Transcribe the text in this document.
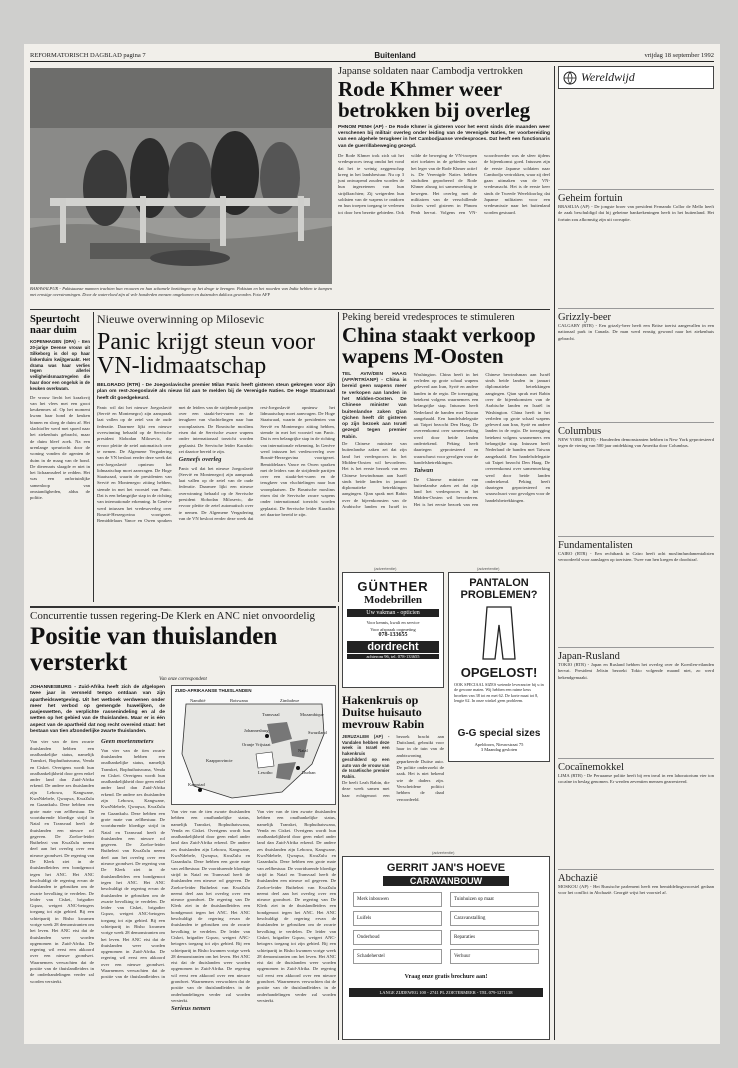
REFORMATORISCH DAGBLAD pagina 7	Buitenland	vrijdag 18 september 1992
BAHAWALPUR - Pakistaanse mannen trachten hun vrouwen en hun schamele bezittingen op het droge te brengen. Pakistan en het noorden van India hebben te kampen met ernstige overstromingen. Door de watervloed zijn al vele honderden mensen omgekomen en duizenden dakloos geworden. Foto AFP
Japanse soldaten naar Cambodja vertrokken
Rode Khmer weer betrokken bij overleg
PHNOM PENH (AP) - De Rode Khmer is gisteren voor het eerst sinds drie maanden weer verschenen bij militair overleg onder leiding van de Verenigde Naties, ter voorbereiding van een algehele terugkeer in het Cambodjaanse vredesproces. Dat heeft een functionaris van de guerrillabeweging gezegd.
De Rode Khmer trok zich uit het vredesproces terug omdat het vond dat het te weinig zeggenschap kreeg in het landsbestuur. Nu op 3 juni ontwapend zouden worden de hun ingezetenen van hun strijdkrachten; Zij weigerden hun soldaten van de wapens te ontdoen en hun troepen toegang te verlenen tot door hen bezette gebieden. Ook wilde de beweging de VN-troepen niet toelaten in de gebieden waar het leger van de Rode Khmer actief is. De Verenigde Naties hebben sindsdien geprobeerd de Rode Khmer alsnog tot samenwerking te bewegen. Het overleg met de militairen van de verschillende facties werd gisteren in Phnom Penh hervat. Volgens een VN-woordvoerder was de sfeer tijdens de bijeenkomst goed. Intussen zijn de eerste Japanse soldaten naar Cambodja vertrokken, waar zij deel gaan uitmaken van de VN-vredesmacht. Het is de eerste keer sinds de Tweede Wereldoorlog dat Japanse militairen voor een vredesmissie naar het buitenland worden gestuurd.
Speurtocht naar duim
KOPENHAGEN (DPA) - Een 20-jarige Deense vrouw uit Silkeborg is dol op haar linkerduim kwijtgeraakt. Het drama was haar verlies tegen allerlei veiligheidsmaatregelen die haar door een ongeluk in de keuken overkwam.
De vrouw liecht het kraakvrij van het vlees met een groot keukenmes af. Op het moment kwam haar hond de keuken binnen en sloeg de duim af. Het slachtoffer werd met spoed naar het ziekenhuis gebracht, maar de duim bleef zoek. Na een urenlange speurtocht door de woning vonden de agenten de duim in de maag van de hond. De dierenarts slaagde er niet in het lichaamsdeel te redden. Het was een onfortuinlijke samenloop van omstandigheden, aldus de politie.
Nieuwe overwinning op Milosevic
Panic krijgt steun voor VN-lidmaatschap
BELGRADO (RTR) - De Joegoslavische premier Milan Panic heeft gisteren steun gekregen voor zijn plan om rest-Joegoslavië als nieuw lid aan te melden bij de Verenigde Naties. De Hoge Staatsraad heeft dit goedgekeurd.
Panic wil dat het nieuwe Joegoslavië (Servië en Montenegro) zijn aanspraak laat vallen op de zetel van de oude federatie. Daarmee lijkt een nieuwe overwinning behaald op de Servische president Slobodan Milosevic, die ervoor pleitte de zetel automatisch over te nemen. De Algemene Vergadering van de VN besloot eerder deze week dat rest-Joegoslavië opnieuw het lidmaatschap moet aanvragen. De Hoge Staatsraad, waarin de presidenten van Servië en Montenegro zitting hebben, stemde in met het voorstel van Panic. Dat is een belangrijke stap in de richting van internationale erkenning. In Genève werd intussen het vredesoverleg over Bosnië-Herzegovina voortgezet. Bemiddelaars Vance en Owen spraken met de leiders van de strijdende partijen over een staakt-het-vuren en de terugkeer van vluchtelingen naar hun woonplaatsen. De Bosnische moslims eisen dat de Servische zware wapens onder internationaal toezicht worden geplaatst. De Servische leider Karadzic zei daartoe bereid te zijn.
Geneefs overleg
Panic wil dat het nieuwe Joegoslavië (Servië en Montenegro) zijn aanspraak laat vallen op de zetel van de oude federatie. Daarmee lijkt een nieuwe overwinning behaald op de Servische president Slobodan Milosevic, die ervoor pleitte de zetel automatisch over te nemen. De Algemene Vergadering van de VN besloot eerder deze week dat rest-Joegoslavië opnieuw het lidmaatschap moet aanvragen. De Hoge Staatsraad, waarin de presidenten van Servië en Montenegro zitting hebben, stemde in met het voorstel van Panic. Dat is een belangrijke stap in de richting van internationale erkenning. In Genève werd intussen het vredesoverleg over Bosnië-Herzegovina voortgezet. Bemiddelaars Vance en Owen spraken met de leiders van de strijdende partijen over een staakt-het-vuren en de terugkeer van vluchtelingen naar hun woonplaatsen. De Bosnische moslims eisen dat de Servische zware wapens onder internationaal toezicht worden geplaatst. De Servische leider Karadzic zei daartoe bereid te zijn.
Peking bereid vredesproces te stimuleren
China staakt verkoop wapens M-Oosten
TEL AVIV/DEN HAAG (AFP/RTR/ANP) - China is bereid geen wapens meer te verkopen aan landen in het Midden-Oosten. De Chinese minister van buitenlandse zaken Qian Qichen heeft dit gisteren op zijn bezoek aan Israël gezegd tegen premier Rabin.
De Chinese minister van buitenlandse zaken zei dat zijn land het vredesproces in het Midden-Oosten wil bevorderen. Het is het eerste bezoek van een Chinese bewindsman aan Israël sinds beide landen in januari diplomatieke betrekkingen aangingen. Qian sprak met Rabin over de bijeenkomsten van de Arabische landen en Israël in Washington. China heeft in het verleden op grote schaal wapens geleverd aan Iran, Syrië en andere landen in de regio. De toezegging betekent volgens waarnemers een belangrijke stap. Intussen heeft Nederland de banden met Taiwan aangehaald. Een handelsdelegatie uit Taipei bezocht Den Haag. De overeenkomst over samenwerking werd door beide landen ondertekend. Peking heeft daartegen geprotesteerd en waarschuwt voor gevolgen voor de handelsbetrekkingen.
Taiwan
De Chinese minister van buitenlandse zaken zei dat zijn land het vredesproces in het Midden-Oosten wil bevorderen. Het is het eerste bezoek van een Chinese bewindsman aan Israël sinds beide landen in januari diplomatieke betrekkingen aangingen. Qian sprak met Rabin over de bijeenkomsten van de Arabische landen en Israël in Washington. China heeft in het verleden op grote schaal wapens geleverd aan Iran, Syrië en andere landen in de regio. De toezegging betekent volgens waarnemers een belangrijke stap. Intussen heeft Nederland de banden met Taiwan aangehaald. Een handelsdelegatie uit Taipei bezocht Den Haag. De overeenkomst over samenwerking werd door beide landen ondertekend. Peking heeft daartegen geprotesteerd en waarschuwt voor gevolgen voor de handelsbetrekkingen.
(advertentie)
GÜNTHER
Modebrillen
Uw vakman - opticien
Voor kennis, kwali en service
Voor afspraak oogmeting
078-133655
dordrecht
achterom 96, tel. 078-133655
(advertentie)
PANTALON PROBLEMEN?
OPGELOST!
OOK SPECIAAL SIZES wetende leverancier bij u in de gewone maten. Wij hebben een ruime keus broeken van 38 tot en met 62. De korte maat tot 8, lengte 62. In onze winkel geen probleem.
G-G special sizes
Apeldoorn, Nieuwstraat 75
3 Maandag gesloten
Concurrentie tussen regering-De Klerk en ANC niet onvoordelig
Positie van thuislanden versterkt
Van onze correspondent
JOHANNESBURG - Zuid-Afrika heeft zich de afgelopen twee jaar in versneld tempo ontdaan van zijn apartheidswetgeving. Uit het wetboek verdwenen onder meer het verbod op gemengde huwelijken, de pasjeswetten, de verplichte rassenindeling en al de wetten op het gebied van de thuislanden. Maar er is één aspect van de apartheid dat nog recht overeind staat: het bestaan van tien afzonderlijke zwarte thuislanden.
Van vier van de tien zwarte thuislanden hebben een onafhankelijke status, namelijk Transkei, Bophuthatswana, Venda en Ciskei. Overigens wordt hun onafhankelijkheid door geen enkel ander land dan Zuid-Afrika erkend. De andere zes thuislanden zijn Lebowa, Kangwane, KwaNdebele, Qwaqwa, KwaZulu en Gazankulu. Deze hebben een grote mate van zelfbestuur. De voortdurende bloedige strijd in Natal en Transvaal heeft de thuislanden een nieuwe rol gegeven. De Zoeloe-leider Buthelezi van KwaZulu neemt deel aan het overleg over een nieuwe grondwet. De regering van De Klerk ziet in de thuislandleiders een bondgenoot tegen het ANC. Het ANC beschuldigt de regering ervan de thuislanden te gebruiken om de zwarte bevolking te verdelen. De leider van Ciskei, brigadier Gqozo, weigert ANC-betogers toegang tot zijn gebied. Bij een schietpartij in Bisho kwamen vorige week 28 demonstranten om het leven. Het ANC eist dat de thuislanden weer worden opgenomen in Zuid-Afrika. De regering wil eerst een akkoord over een nieuwe grondwet. Waarnemers verwachten dat de positie van de thuislandleiders in de onderhandelingen verder zal worden versterkt.
Geen mortenmeters
Van vier van de tien zwarte thuislanden hebben een onafhankelijke status, namelijk Transkei, Bophuthatswana, Venda en Ciskei. Overigens wordt hun onafhankelijkheid door geen enkel ander land dan Zuid-Afrika erkend. De andere zes thuislanden zijn Lebowa, Kangwane, KwaNdebele, Qwaqwa, KwaZulu en Gazankulu. Deze hebben een grote mate van zelfbestuur. De voortdurende bloedige strijd in Natal en Transvaal heeft de thuislanden een nieuwe rol gegeven. De Zoeloe-leider Buthelezi van KwaZulu neemt deel aan het overleg over een nieuwe grondwet. De regering van De Klerk ziet in de thuislandleiders een bondgenoot tegen het ANC. Het ANC beschuldigt de regering ervan de thuislanden te gebruiken om de zwarte bevolking te verdelen. De leider van Ciskei, brigadier Gqozo, weigert ANC-betogers toegang tot zijn gebied. Bij een schietpartij in Bisho kwamen vorige week 28 demonstranten om het leven. Het ANC eist dat de thuislanden weer worden opgenomen in Zuid-Afrika. De regering wil eerst een akkoord over een nieuwe grondwet. Waarnemers verwachten dat de positie van de thuislandleiders in
ZUID-AFRIKAANSE THUISLANDEN
Namibië	Botswana	Zimbabwe
Mozambique
Transvaal
Natal
Kaapprovincie
Oranje Vrijstaat
Swaziland
Lesotho
Johannesburg
Kaapstad
Durban
Van vier van de tien zwarte thuislanden hebben een onafhankelijke status, namelijk Transkei, Bophuthatswana, Venda en Ciskei. Overigens wordt hun onafhankelijkheid door geen enkel ander land dan Zuid-Afrika erkend. De andere zes thuislanden zijn Lebowa, Kangwane, KwaNdebele, Qwaqwa, KwaZulu en Gazankulu. Deze hebben een grote mate van zelfbestuur. De voortdurende bloedige strijd in Natal en Transvaal heeft de thuislanden een nieuwe rol gegeven. De Zoeloe-leider Buthelezi van KwaZulu neemt deel aan het overleg over een nieuwe grondwet. De regering van De Klerk ziet in de thuislandleiders een bondgenoot tegen het ANC. Het ANC beschuldigt de regering ervan de thuislanden te gebruiken om de zwarte bevolking te verdelen. De leider van Ciskei, brigadier Gqozo, weigert ANC-betogers toegang tot zijn gebied. Bij een schietpartij in Bisho kwamen vorige week 28 demonstranten om het leven. Het ANC eist dat de thuislanden weer worden opgenomen in Zuid-Afrika. De regering wil eerst een akkoord over een nieuwe grondwet. Waarnemers verwachten dat de positie van de thuislandleiders in de onderhandelingen verder zal worden versterkt.
Serieus nemen
Van vier van de tien zwarte thuislanden hebben een onafhankelijke status, namelijk Transkei, Bophuthatswana, Venda en Ciskei. Overigens wordt hun onafhankelijkheid door geen enkel ander land dan Zuid-Afrika erkend. De andere zes thuislanden zijn Lebowa, Kangwane, KwaNdebele, Qwaqwa, KwaZulu en Gazankulu. Deze hebben een grote mate van zelfbestuur. De voortdurende bloedige strijd in Natal en Transvaal heeft de thuislanden een nieuwe rol gegeven. De Zoeloe-leider Buthelezi van KwaZulu neemt deel aan het overleg over een nieuwe grondwet. De regering van De Klerk ziet in de thuislandleiders een bondgenoot tegen het ANC. Het ANC beschuldigt de regering ervan de thuislanden te gebruiken om de zwarte bevolking te verdelen. De leider van Ciskei, brigadier Gqozo, weigert ANC-betogers toegang tot zijn gebied. Bij een schietpartij in Bisho kwamen vorige week 28 demonstranten om het leven. Het ANC eist dat de thuislanden weer worden opgenomen in Zuid-Afrika. De regering wil eerst een akkoord over een nieuwe grondwet. Waarnemers verwachten dat de positie van de thuislandleiders in de onderhandelingen verder zal worden versterkt.
Hakenkruis op Duitse huisauto mevrouw Rabin
JERUZALEM (AP) - Vandalen hebben deze week in Israël een hakenkruis geschilderd op een auto van de vrouw van de Israëlische premier Rabin.
De beelt Leah Rabin, die deze week samen met haar echtgenoot een bezoek bracht aan Duitsland, gebruikt voor haar in de tuin van de ambtswoning geparkeerde Duitse auto. De politie onderzoekt de zaak. Het is niet bekend wie de daders zijn. Verscheidene politici hebben de daad veroordeeld.
(advertentie)
GERRIT JAN'S HOEVE
CARAVANBOUW
Merk inbouwen	Tuinhuizen op maat
Luifels	Caravanstalling
Onderhoud	Reparaties
Schadeherstel	Verhuur
Vraag onze gratis brochure aan!
LANGE ZIJDEWEG 100 - 2741 PL ZOETERMEER - TEL 079-1271138
Wereldwijd
Geheim fortuin
BRASILIA (AP) - De jongste broer van president Fernando Collor de Mello heeft de zaak beschuldigd dat hij geheime bankrekeningen heeft in het buitenland. Het fortuin zou afkomstig zijn uit corruptie.
Grizzly-beer
CALGARY (RTR) - Een grizzly-beer heeft een Britse toerist aangevallen in een nationaal park in Canada. De man werd ernstig gewond naar het ziekenhuis gebracht.
Columbus
NEW YORK (RTR) - Honderden demonstranten hebben in New York geprotesteerd tegen de viering van 500 jaar ontdekking van Amerika door Columbus.
Fundamentalisten
CAIRO (RTR) - Een rechtbank in Caïro heeft acht moslimfundamentalisten veroordeeld voor aanslagen op toeristen. Twee van hen kregen de doodstraf.
Japan-Rusland
TOKIO (RTR) - Japan en Rusland hebben het overleg over de Koerilen-eilanden hervat. President Jeltsin bezoekt Tokio volgende maand niet, zo werd bekendgemaakt.
Cocaïnemokkel
LIMA (RTR) - De Peruaanse politie heeft bij een inval in een laboratorium vier ton cocaïne in beslag genomen. Er werden zeventien mensen gearresteerd.
Abchazië
MOSKOU (AP) - Het Russische parlement heeft een bemiddelingsvoorstel gedaan voor het conflict in Abchazië. Georgië wijst het voorstel af.
